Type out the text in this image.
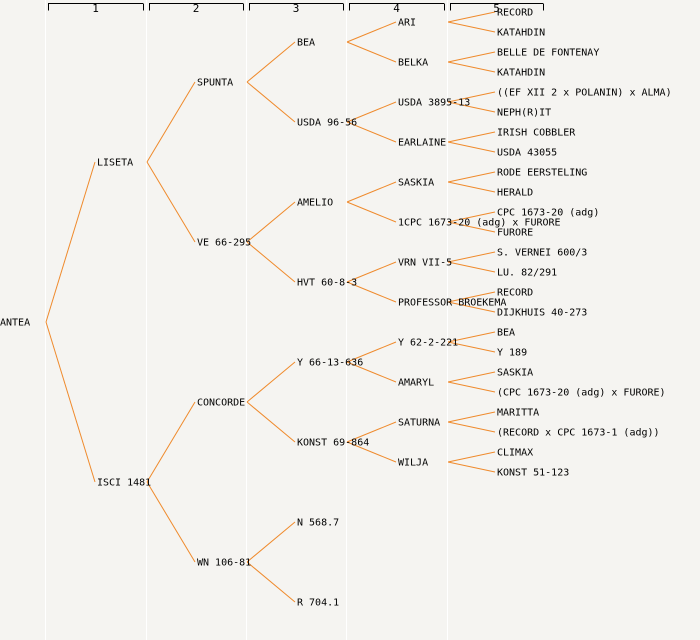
1	2	3	4	5
ANTEA
LISETA
ISCI 1481
SPUNTA
VE 66-295
CONCORDE
WN 106-81
BEA
USDA 96-56
AMELIO
HVT 60-8-3
Y 66-13-636
KONST 69-864
N 568.7
R 704.1
ARI
BELKA
USDA 3895-13
EARLAINE
SASKIA
1CPC 1673-20 (adg) x FURORE
VRN VII-5
PROFESSOR BROEKEMA
Y 62-2-221
AMARYL
SATURNA
WILJA
RECORD
KATAHDIN
BELLE DE FONTENAY
KATAHDIN
((EF XII 2 x POLANIN) x ALMA)
NEPH(R)IT
IRISH COBBLER
USDA 43055
RODE EERSTELING
HERALD
CPC 1673-20 (adg)
FURORE
S. VERNEI 600/3
LU. 82/291
RECORD
DIJKHUIS 40-273
BEA
Y 189
SASKIA
(CPC 1673-20 (adg) x FURORE)
MARITTA
(RECORD x CPC 1673-1 (adg))
CLIMAX
KONST 51-123
